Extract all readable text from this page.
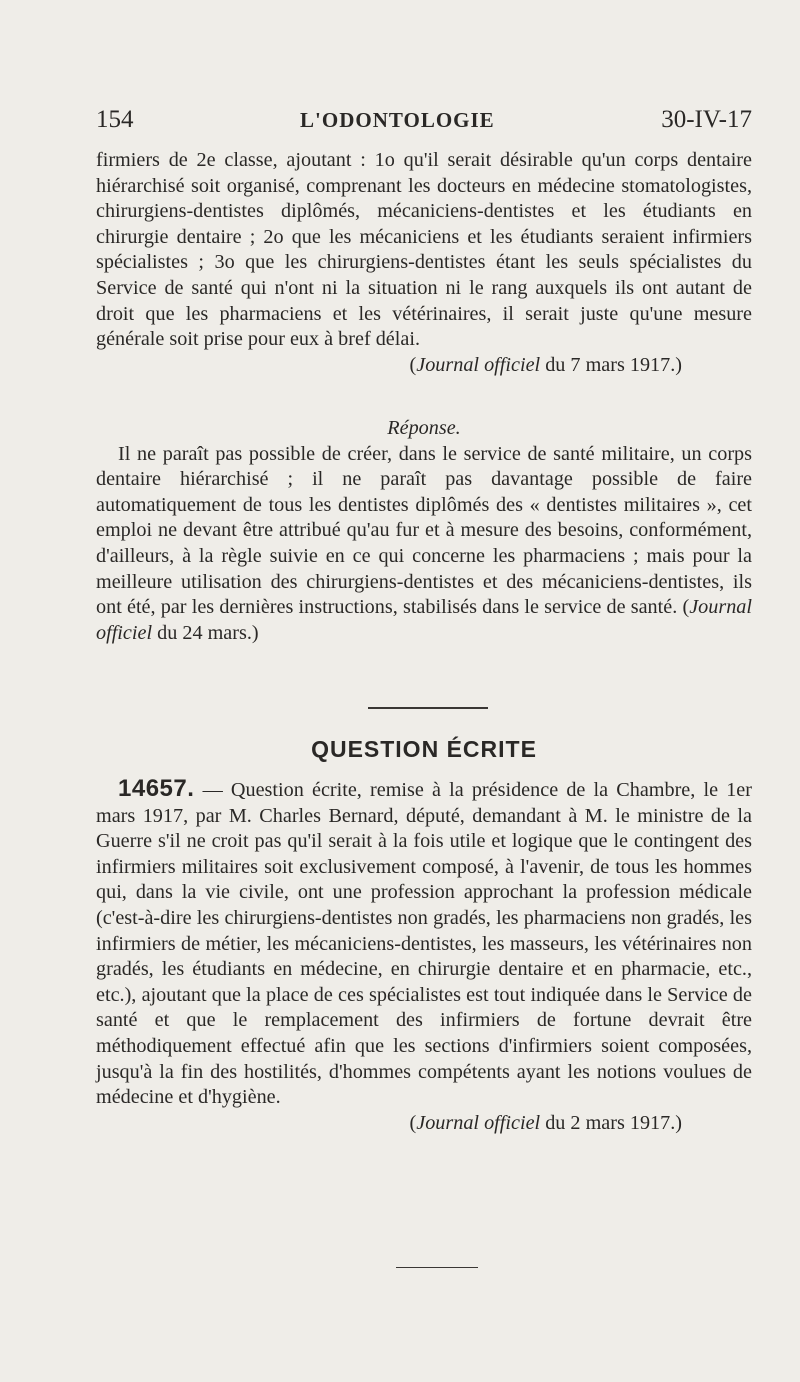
154	L'ODONTOLOGIE	30-IV-17

firmiers de 2e classe, ajoutant : 1o qu'il serait désirable qu'un corps dentaire hiérarchisé soit organisé, comprenant les docteurs en médecine stomatologistes, chirurgiens-dentistes diplômés, mécaniciens-dentistes et les étudiants en chirurgie dentaire ; 2o que les mécaniciens et les étudiants seraient infirmiers spécialistes ; 3o que les chirurgiens-dentistes étant les seuls spécialistes du Service de santé qui n'ont ni la situation ni le rang auxquels ils ont autant de droit que les pharmaciens et les vétérinaires, il serait juste qu'une mesure générale soit prise pour eux à bref délai.

(Journal officiel du 7 mars 1917.)

Réponse.

Il ne paraît pas possible de créer, dans le service de santé militaire, un corps dentaire hiérarchisé ; il ne paraît pas davantage possible de faire automatiquement de tous les dentistes diplômés des « dentistes militaires », cet emploi ne devant être attribué qu'au fur et à mesure des besoins, conformément, d'ailleurs, à la règle suivie en ce qui concerne les pharmaciens ; mais pour la meilleure utilisation des chirurgiens-dentistes et des mécaniciens-dentistes, ils ont été, par les dernières instructions, stabilisés dans le service de santé. (Journal officiel du 24 mars.)

QUESTION ÉCRITE

14657. — Question écrite, remise à la présidence de la Chambre, le 1er mars 1917, par M. Charles Bernard, député, demandant à M. le ministre de la Guerre s'il ne croit pas qu'il serait à la fois utile et logique que le contingent des infirmiers militaires soit exclusivement composé, à l'avenir, de tous les hommes qui, dans la vie civile, ont une profession approchant la profession médicale (c'est-à-dire les chirurgiens-dentistes non gradés, les pharmaciens non gradés, les infirmiers de métier, les mécaniciens-dentistes, les masseurs, les vétérinaires non gradés, les étudiants en médecine, en chirurgie dentaire et en pharmacie, etc., etc.), ajoutant que la place de ces spécialistes est tout indiquée dans le Service de santé et que le remplacement des infirmiers de fortune devrait être méthodiquement effectué afin que les sections d'infirmiers soient composées, jusqu'à la fin des hostilités, d'hommes compétents ayant les notions voulues de médecine et d'hygiène.

(Journal officiel du 2 mars 1917.)
